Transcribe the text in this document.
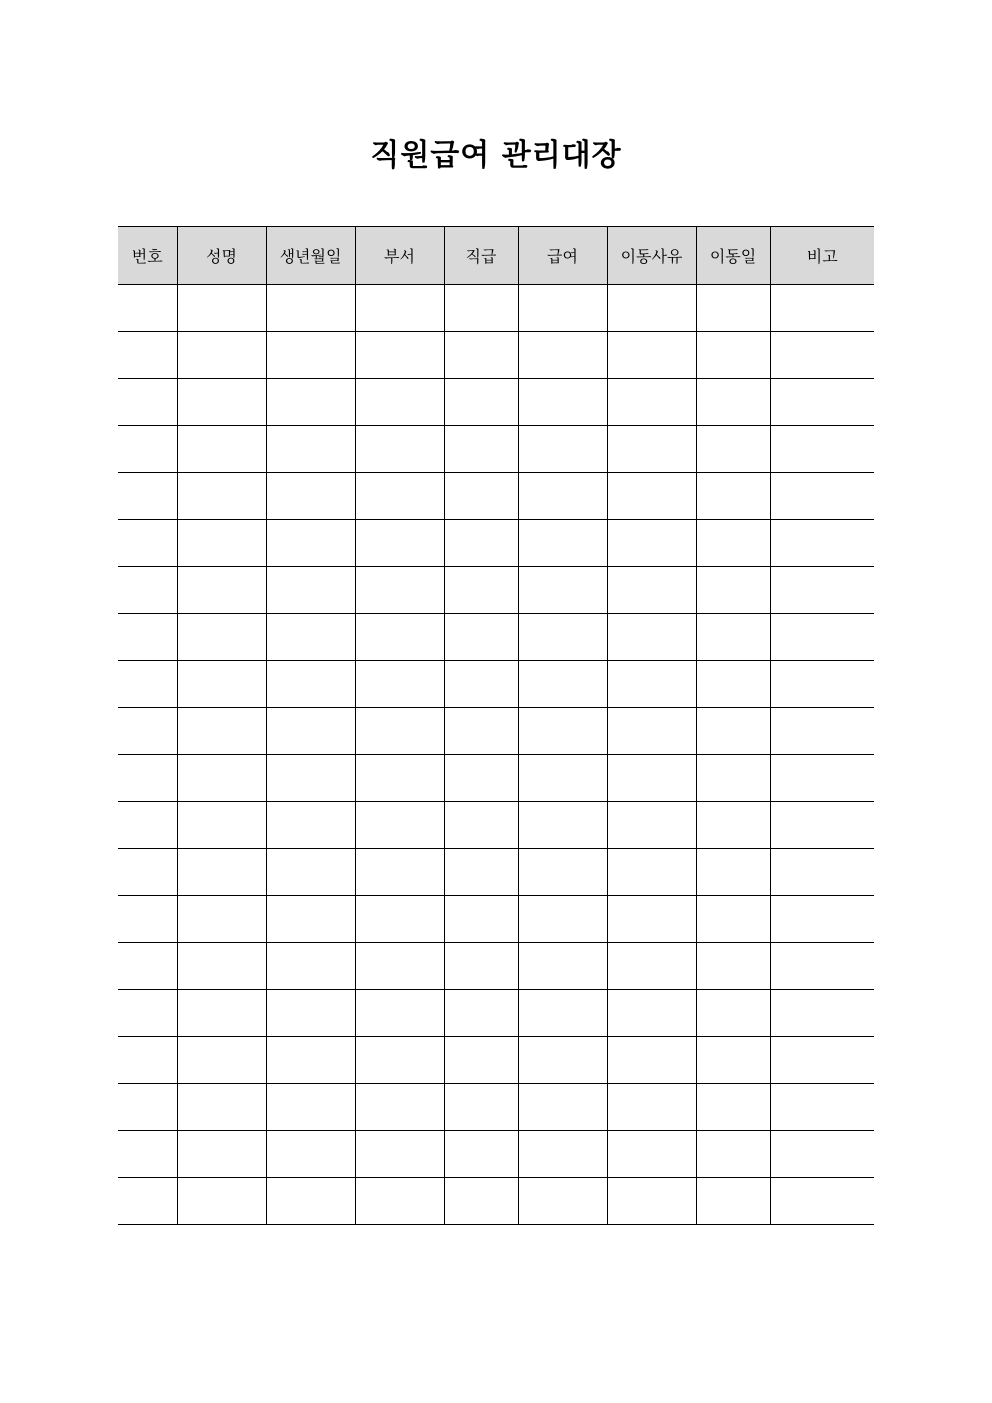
직원급여 관리대장
번호	성명	생년월일	부서	직급	급여	이동사유	이동일	비고
